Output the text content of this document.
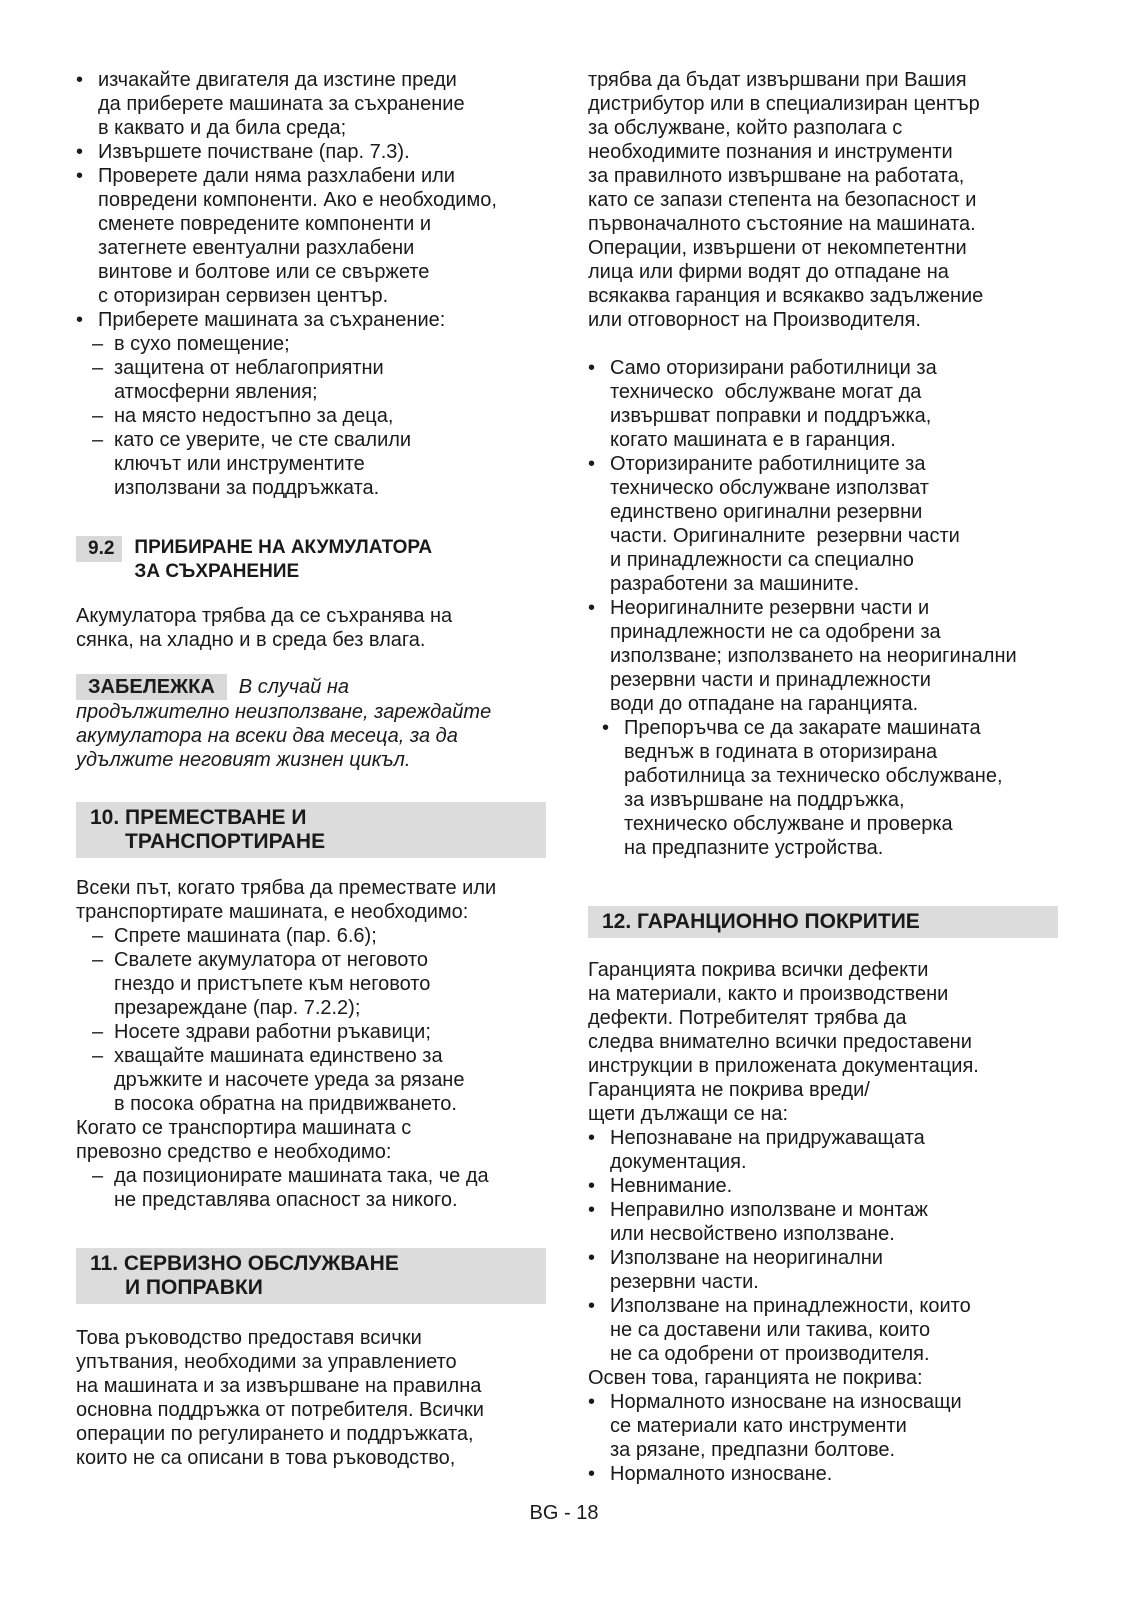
• изчакайте двигателя да изстине преди
да приберете машината за съхранение
в каквато и да била среда;
• Извършете почистване (пар. 7.3).
• Проверете дали няма разхлабени или
повредени компоненти. Ако е необходимо,
сменете повредените компоненти и
затегнете евентуални разхлабени
винтове и болтове или се свържете
с оторизиран сервизен център.
• Приберете машината за съхранение:
– в сухо помещение;
– защитена от неблагоприятни
атмосферни явления;
– на място недостъпно за деца,
– като се уверите, че сте свалили
ключът или инструментите
използвани за поддръжката.
9.2	ПРИБИРАНЕ НА АКУМУЛАТОРА
ЗА СЪХРАНЕНИЕ
Акумулатора трябва да се съхранява на
сянка, на хладно и в среда без влага.
ЗАБЕЛЕЖКА В случай на
продължително неизползване, зареждайте
акумулатора на всеки два месеца, за да
удължите неговият жизнен цикъл.
10. ПРЕМЕСТВАНЕ И
ТРАНСПОРТИРАНЕ
Всеки път, когато трябва да премествате или
транспортирате машината, е необходимо:
– Спрете машината (пар. 6.6);
– Свалете акумулатора от неговото
гнездо и пристъпете към неговото
презареждане (пар. 7.2.2);
– Носете здрави работни ръкавици;
– хващайте машината единствено за
дръжките и насочете уреда за рязане
в посока обратна на придвижването.
Когато се транспортира машината с
превозно средство е необходимо:
– да позиционирате машината така, че да
не представлява опасност за никого.
11. СЕРВИЗНО ОБСЛУЖВАНЕ
И ПОПРАВКИ
Това ръководство предоставя всички
упътвания, необходими за управлението
на машината и за извършване на правилна
основна поддръжка от потребителя. Всички
операции по регулирането и поддръжката,
които не са описани в това ръководство,
трябва да бъдат извършвани при Вашия
дистрибутор или в специализиран център
за обслужване, който разполага с
необходимите познания и инструменти
за правилното извършване на работата,
като се запази степента на безопасност и
първоначалното състояние на машината.
Операции, извършени от некомпетентни
лица или фирми водят до отпадане на
всякаква гаранция и всякакво задължение
или отговорност на Производителя.
• Само оторизирани работилници за
техническо  обслужване могат да
извършват поправки и поддръжка,
когато машината е в гаранция.
• Оторизираните работилниците за
техническо обслужване използват
единствено оригинални резервни
части. Оригиналните  резервни части
и принадлежности са специално
разработени за машините.
• Неоригиналните резервни части и
принадлежности не са одобрени за
използване; използването на неоригинални
резервни части и принадлежности
води до отпадане на гаранцията.
• Препоръчва се да закарате машината
веднъж в годината в оторизирана
работилница за техническо обслужване,
за извършване на поддръжка,
техническо обслужване и проверка
на предпазните устройства.
12. ГАРАНЦИОННО ПОКРИТИЕ
Гаранцията покрива всички дефекти
на материали, както и производствени
дефекти. Потребителят трябва да
следва внимателно всички предоставени
инструкции в приложената документация.
Гаранцията не покрива вреди/
щети дължащи се на:
• Непознаване на придружаващата
документация.
• Невнимание.
• Неправилно използване и монтаж
или несвойствено използване.
• Използване на неоригинални
резервни части.
• Използване на принадлежности, които
не са доставени или такива, които
не са одобрени от производителя.
Освен това, гаранцията не покрива:
• Нормалното износване на износващи
се материали като инструменти
за рязане, предпазни болтове.
• Нормалното износване.
BG - 18
